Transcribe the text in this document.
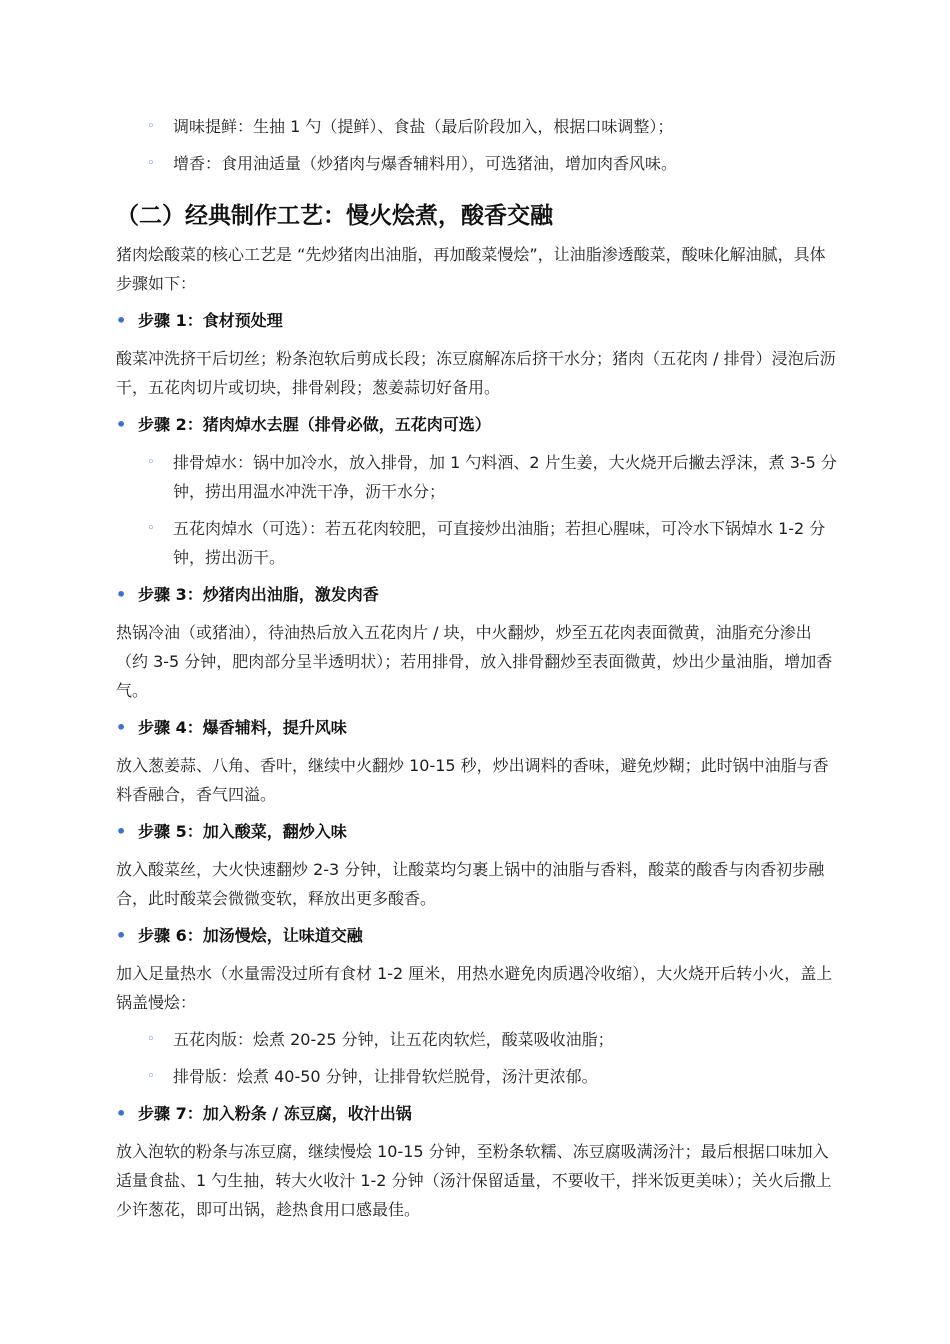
◦ 调味提鲜：生抽 1 勺（提鲜）、食盐（最后阶段加入，根据口味调整）；
◦ 增香：食用油适量（炒猪肉与爆香辅料用），可选猪油，增加肉香风味。
（二）经典制作工艺：慢火烩煮，酸香交融
猪肉烩酸菜的核心工艺是 “先炒猪肉出油脂，再加酸菜慢烩”，让油脂渗透酸菜，酸味化解油腻，具体步骤如下：
• 步骤 1：食材预处理
酸菜冲洗挤干后切丝；粉条泡软后剪成长段；冻豆腐解冻后挤干水分；猪肉（五花肉 / 排骨）浸泡后沥干，五花肉切片或切块，排骨剁段；葱姜蒜切好备用。
• 步骤 2：猪肉焯水去腥（排骨必做，五花肉可选）
◦ 排骨焯水：锅中加冷水，放入排骨，加 1 勺料酒、2 片生姜，大火烧开后撇去浮沫，煮 3-5 分钟，捞出用温水冲洗干净，沥干水分；
◦ 五花肉焯水（可选）：若五花肉较肥，可直接炒出油脂；若担心腥味，可冷水下锅焯水 1-2 分钟，捞出沥干。
• 步骤 3：炒猪肉出油脂，激发肉香
热锅冷油（或猪油），待油热后放入五花肉片 / 块，中火翻炒，炒至五花肉表面微黄，油脂充分渗出（约 3-5 分钟，肥肉部分呈半透明状）；若用排骨，放入排骨翻炒至表面微黄，炒出少量油脂，增加香气。
• 步骤 4：爆香辅料，提升风味
放入葱姜蒜、八角、香叶，继续中火翻炒 10-15 秒，炒出调料的香味，避免炒糊；此时锅中油脂与香料香融合，香气四溢。
• 步骤 5：加入酸菜，翻炒入味
放入酸菜丝，大火快速翻炒 2-3 分钟，让酸菜均匀裹上锅中的油脂与香料，酸菜的酸香与肉香初步融合，此时酸菜会微微变软，释放出更多酸香。
• 步骤 6：加汤慢烩，让味道交融
加入足量热水（水量需没过所有食材 1-2 厘米，用热水避免肉质遇冷收缩），大火烧开后转小火，盖上锅盖慢烩：
◦ 五花肉版：烩煮 20-25 分钟，让五花肉软烂，酸菜吸收油脂；
◦ 排骨版：烩煮 40-50 分钟，让排骨软烂脱骨，汤汁更浓郁。
• 步骤 7：加入粉条 / 冻豆腐，收汁出锅
放入泡软的粉条与冻豆腐，继续慢烩 10-15 分钟，至粉条软糯、冻豆腐吸满汤汁；最后根据口味加入适量食盐、1 勺生抽，转大火收汁 1-2 分钟（汤汁保留适量，不要收干，拌米饭更美味）；关火后撒上少许葱花，即可出锅，趁热食用口感最佳。
